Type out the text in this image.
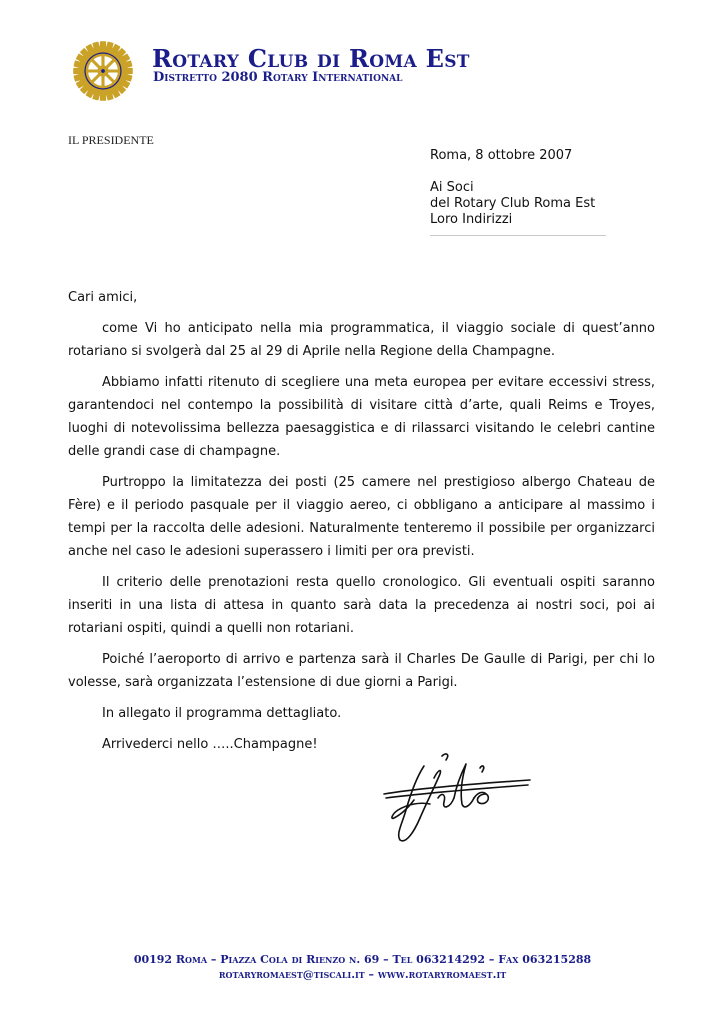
Rotary Club di Roma Est
Distretto 2080 Rotary International
IL PRESIDENTE
Roma, 8 ottobre 2007
Ai Soci
del Rotary Club Roma Est
Loro Indirizzi

Cari amici,

come Vi ho anticipato nella mia programmatica, il viaggio sociale di quest’anno rotariano si svolgerà dal 25 al 29 di Aprile nella Regione della Champagne.

Abbiamo infatti ritenuto di scegliere una meta europea per evitare eccessivi stress, garantendoci nel contempo la possibilità di visitare città d’arte, quali Reims e Troyes, luoghi di notevolissima bellezza paesaggistica e di rilassarci visitando le celebri cantine delle grandi case di champagne.

Purtroppo la limitatezza dei posti (25 camere nel prestigioso albergo Chateau de Fère) e il periodo pasquale per il viaggio aereo, ci obbligano a anticipare al massimo i tempi per la raccolta delle adesioni. Naturalmente tenteremo il possibile per organizzarci anche nel caso le adesioni superassero i limiti per ora previsti.

Il criterio delle prenotazioni resta quello cronologico. Gli eventuali ospiti saranno inseriti in una lista di attesa in quanto sarà data la precedenza ai nostri soci, poi ai rotariani ospiti, quindi a quelli non rotariani.

Poiché l’aeroporto di arrivo e partenza sarà il Charles De Gaulle di Parigi, per chi lo volesse, sarà organizzata l’estensione di due giorni a Parigi.

In allegato il programma dettagliato.

Arrivederci nello …..Champagne!

00192 Roma – Piazza Cola di Rienzo n. 69 – Tel 063214292 – Fax 063215288
rotaryromaest@tiscali.it – www.rotaryromaest.it
